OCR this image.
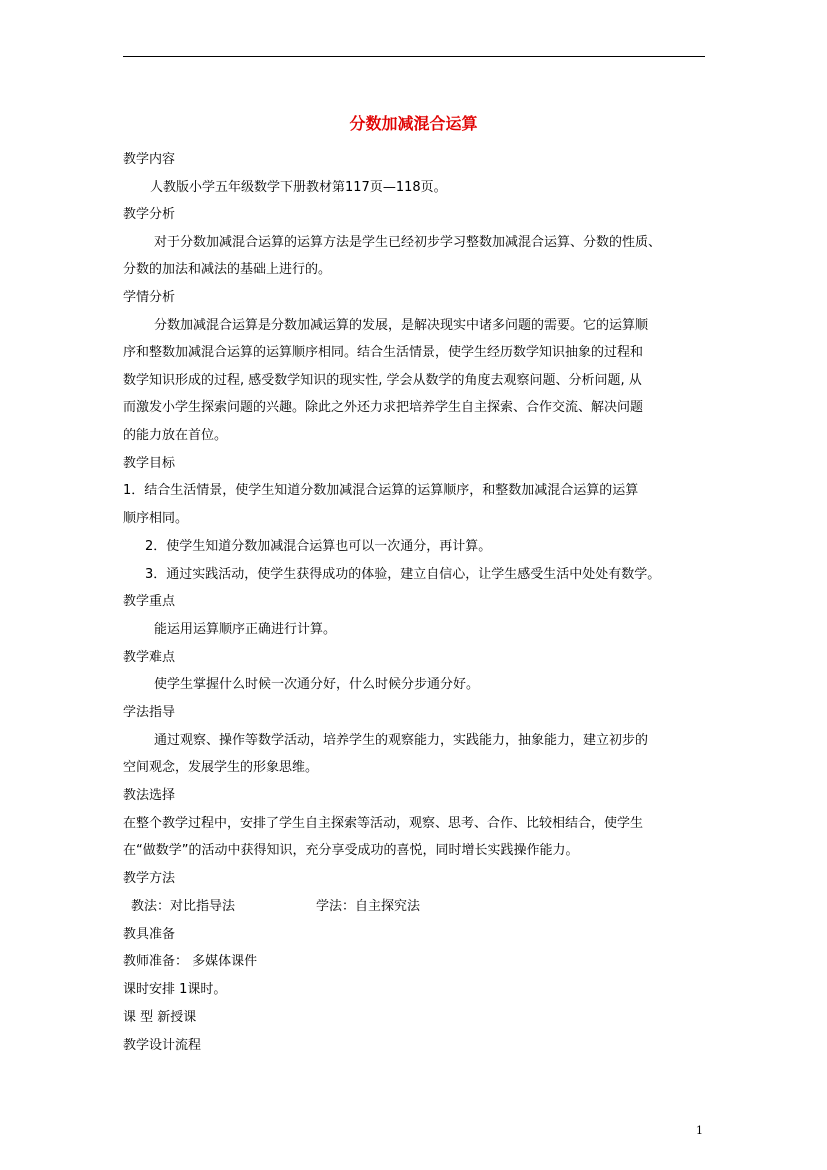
分数加减混合运算
教学内容
人教版小学五年级数学下册教材第117页—118页。
教学分析
对于分数加减混合运算的运算方法是学生已经初步学习整数加减混合运算、分数的性质、
分数的加法和减法的基础上进行的。
学情分析
分数加减混合运算是分数加减运算的发展，是解决现实中诸多问题的需要。它的运算顺
序和整数加减混合运算的运算顺序相同。结合生活情景，使学生经历数学知识抽象的过程和
数学知识形成的过程, 感受数学知识的现实性, 学会从数学的角度去观察问题、分析问题, 从
而激发小学生探索问题的兴趣。除此之外还力求把培养学生自主探索、合作交流、解决问题
的能力放在首位。
教学目标
1．结合生活情景，使学生知道分数加减混合运算的运算顺序，和整数加减混合运算的运算
顺序相同。
2．使学生知道分数加减混合运算也可以一次通分，再计算。
3．通过实践活动，使学生获得成功的体验，建立自信心，让学生感受生活中处处有数学。
教学重点
能运用运算顺序正确进行计算。
教学难点
使学生掌握什么时候一次通分好，什么时候分步通分好。
学法指导
通过观察、操作等数学活动，培养学生的观察能力，实践能力，抽象能力，建立初步的
空间观念，发展学生的形象思维。
教法选择
在整个教学过程中，安排了学生自主探索等活动，观察、思考、合作、比较相结合，使学生
在“做数学”的活动中获得知识，充分享受成功的喜悦，同时增长实践操作能力。
教学方法
教法：对比指导法	学法：自主探究法
教具准备
教师准备： 多媒体课件
课时安排 1课时。
课 型 新授课
教学设计流程
1
